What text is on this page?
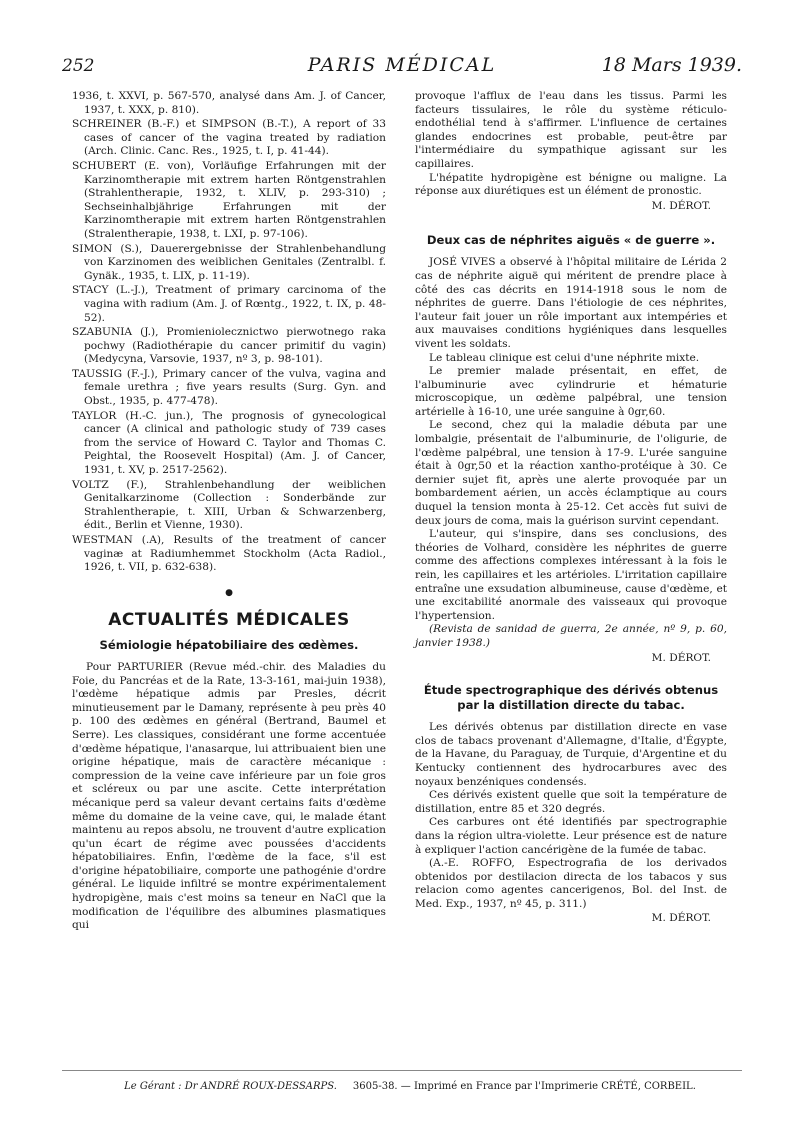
252	PARIS MÉDICAL	18 Mars 1939.

1936, t. XXVI, p. 567-570, analysé dans Am. J. of Cancer, 1937, t. XXX, p. 810).

SCHREINER (B.-F.) et SIMPSON (B.-T.), A report of 33 cases of cancer of the vagina treated by radiation (Arch. Clinic. Canc. Res., 1925, t. I, p. 41-44).

SCHUBERT (E. von), Vorläufige Erfahrungen mit der Karzinomtherapie mit extrem harten Röntgenstrahlen (Strahlentherapie, 1932, t. XLIV, p. 293-310) ; Sechseinhalbjährige Erfahrungen mit der Karzinomtherapie mit extrem harten Röntgenstrahlen (Stralentherapie, 1938, t. LXI, p. 97-106).

SIMON (S.), Dauerergebnisse der Strahlenbehandlung von Karzinomen des weiblichen Genitales (Zentralbl. f. Gynäk., 1935, t. LIX, p. 11-19).

STACY (L.-J.), Treatment of primary carcinoma of the vagina with radium (Am. J. of Rœntg., 1922, t. IX, p. 48-52).

SZABUNIA (J.), Promieniolecznictwo pierwotnego raka pochwy (Radiothérapie du cancer primitif du vagin) (Medycyna, Varsovie, 1937, nº 3, p. 98-101).

TAUSSIG (F.-J.), Primary cancer of the vulva, vagina and female urethra ; five years results (Surg. Gyn. and Obst., 1935, p. 477-478).

TAYLOR (H.-C. jun.), The prognosis of gynecological cancer (A clinical and pathologic study of 739 cases from the service of Howard C. Taylor and Thomas C. Peightal, the Roosevelt Hospital) (Am. J. of Cancer, 1931, t. XV, p. 2517-2562).

VOLTZ (F.), Strahlenbehandlung der weiblichen Genitalkarzinome (Collection : Sonderbände zur Strahlentherapie, t. XIII, Urban & Schwarzenberg, édit., Berlin et Vienne, 1930).

WESTMAN (.A), Results of the treatment of cancer vaginæ at Radiumhemmet Stockholm (Acta Radiol., 1926, t. VII, p. 632-638).

●
ACTUALITÉS MÉDICALES
Sémiologie hépatobiliaire des œdèmes.

Pour PARTURIER (Revue méd.-chir. des Maladies du Foie, du Pancréas et de la Rate, 13-3-161, mai-juin 1938), l'œdème hépatique admis par Presles, décrit minutieusement par le Damany, représente à peu près 40 p. 100 des œdèmes en général (Bertrand, Baumel et Serre). Les classiques, considérant une forme accentuée d'œdème hépatique, l'anasarque, lui attribuaient bien une origine hépatique, mais de caractère mécanique : compression de la veine cave inférieure par un foie gros et scléreux ou par une ascite. Cette interprétation mécanique perd sa valeur devant certains faits d'œdème même du domaine de la veine cave, qui, le malade étant maintenu au repos absolu, ne trouvent d'autre explication qu'un écart de régime avec poussées d'accidents hépatobiliaires. Enfin, l'œdème de la face, s'il est d'origine hépatobiliaire, comporte une pathogénie d'ordre général. Le liquide infiltré se montre expérimentalement hydropigène, mais c'est moins sa teneur en NaCl que la modification de l'équilibre des albumines plasmatiques qui

provoque l'afflux de l'eau dans les tissus. Parmi les facteurs tissulaires, le rôle du système réticulo-endothélial tend à s'affirmer. L'influence de certaines glandes endocrines est probable, peut-être par l'intermédiaire du sympathique agissant sur les capillaires.

L'hépatite hydropigène est bénigne ou maligne. La réponse aux diurétiques est un élément de pronostic.

M. DÉROT.
Deux cas de néphrites aiguës « de guerre ».

JOSÉ VIVES a observé à l'hôpital militaire de Lérida 2 cas de néphrite aiguë qui méritent de prendre place à côté des cas décrits en 1914-1918 sous le nom de néphrites de guerre. Dans l'étiologie de ces néphrites, l'auteur fait jouer un rôle important aux intempéries et aux mauvaises conditions hygiéniques dans lesquelles vivent les soldats.

Le tableau clinique est celui d'une néphrite mixte.

Le premier malade présentait, en effet, de l'albuminurie avec cylindrurie et hématurie microscopique, un œdème palpébral, une tension artérielle à 16-10, une urée sanguine à 0gr,60.

Le second, chez qui la maladie débuta par une lombalgie, présentait de l'albuminurie, de l'oligurie, de l'œdème palpébral, une tension à 17-9. L'urée sanguine était à 0gr,50 et la réaction xantho-protéique à 30. Ce dernier sujet fit, après une alerte provoquée par un bombardement aérien, un accès éclamptique au cours duquel la tension monta à 25-12. Cet accès fut suivi de deux jours de coma, mais la guérison survint cependant.

L'auteur, qui s'inspire, dans ses conclusions, des théories de Volhard, considère les néphrites de guerre comme des affections complexes intéressant à la fois le rein, les capillaires et les artérioles. L'irritation capillaire entraîne une exsudation albumineuse, cause d'œdème, et une excitabilité anormale des vaisseaux qui provoque l'hypertension.

(Revista de sanidad de guerra, 2e année, nº 9, p. 60, janvier 1938.)

M. DÉROT.
Étude spectrographique des dérivés obtenus par la distillation directe du tabac.

Les dérivés obtenus par distillation directe en vase clos de tabacs provenant d'Allemagne, d'Italie, d'Égypte, de la Havane, du Paraguay, de Turquie, d'Argentine et du Kentucky contiennent des hydrocarbures avec des noyaux benzéniques condensés.

Ces dérivés existent quelle que soit la température de distillation, entre 85 et 320 degrés.

Ces carbures ont été identifiés par spectrographie dans la région ultra-violette. Leur présence est de nature à expliquer l'action cancérigène de la fumée de tabac.

(A.-E. ROFFO, Espectrografia de los derivados obtenidos por destilacion directa de los tabacos y sus relacion como agentes cancerigenos, Bol. del Inst. de Med. Exp., 1937, nº 45, p. 311.)

M. DÉROT.
Le Gérant : Dr ANDRÉ ROUX-DESSARPS. 3605-38. — Imprimé en France par l'Imprimerie CRÉTÉ, CORBEIL.
